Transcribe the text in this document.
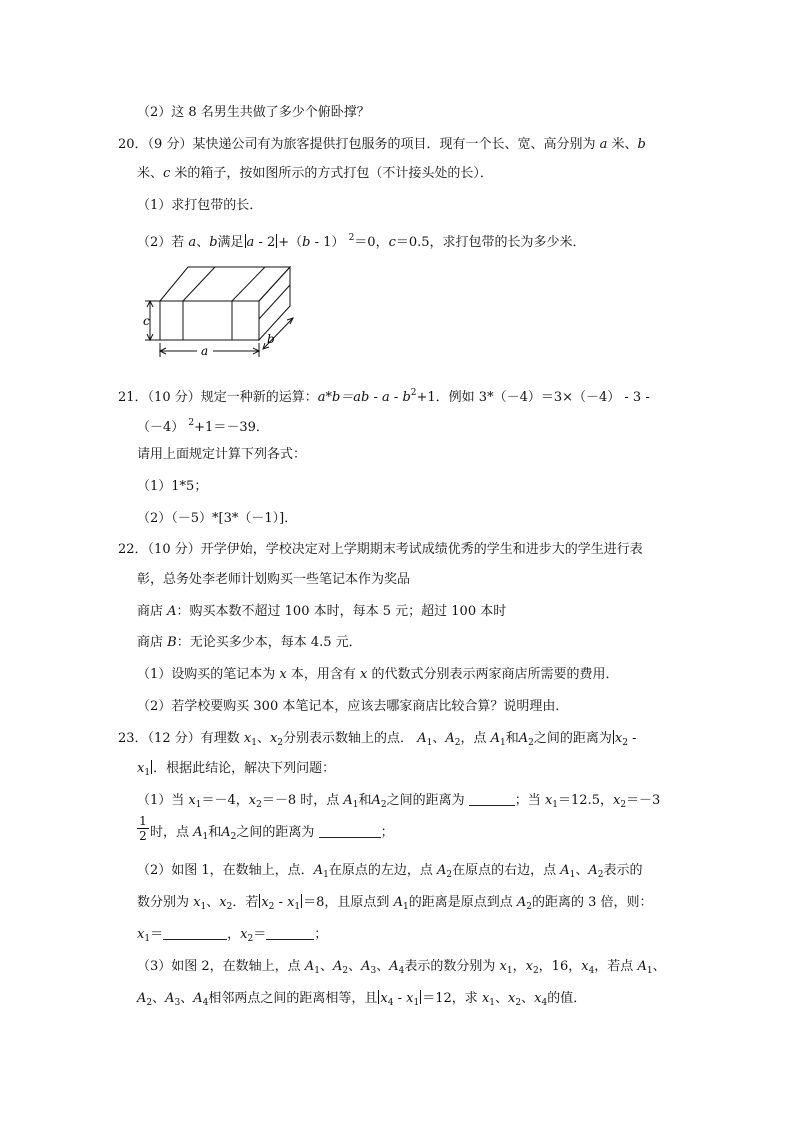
（2）这 8 名男生共做了多少个俯卧撑？
20．（9 分）某快递公司有为旅客提供打包服务的项目．现有一个长、宽、高分别为 a 米、b
米、c 米的箱子，按如图所示的方式打包（不计接头处的长）．
（1）求打包带的长．
（2）若 a、b满足 a - 2 +（b - 1） $^2$＝0，c＝0.5，求打包带的长为多少米．
c
a
b
21．（10 分）规定一种新的运算：$a*b=ab - a - b^2+1$．例如 3*（－4）＝3×（－4） - 3 -
（－4） $^2$+1＝－39．
请用上面规定计算下列各式：
（1）1*5；
（2）（－5）*[3*（－1）]．
22．（10 分）开学伊始，学校决定对上学期期末考试成绩优秀的学生和进步大的学生进行表
彰，总务处李老师计划购买一些笔记本作为奖品
商店 A：购买本数不超过 100 本时，每本 5 元；超过 100 本时
商店 B：无论买多少本，每本 4.5 元．
（1）设购买的笔记本为 x 本，用含有 x 的代数式分别表示两家商店所需要的费用．
（2）若学校要购买 300 本笔记本，应该去哪家商店比较合算？说明理由．
23．（12 分）有理数 $x_1$、$x_2$分别表示数轴上的点． $A_1$、$A_2$，点 $A_1$和$A_2$之间的距离为 $x_2$ -
$x_1$ ．根据此结论，解决下列问题：
（1）当 $x_1=-4$，$x_2=-8$ 时，点 $A_1$和$A_2$之间的距离为	；当 $x_1=12.5$，$x_2=-3$
1
2 时，点 $A_1$和$A_2$之间的距离为	；
（2）如图 1，在数轴上，点．$A_1$在原点的左边，点 $A_2$在原点的右边，点 $A_1$、$A_2$表示的
数分别为 $x_1$、$x_2$．若 $x_2 - x_1 =8$，且原点到 $A_1$的距离是原点到点 $A_2$的距离的 3 倍，则：
$x_1=$	，$x_2=$	；
（3）如图 2，在数轴上，点 $A_1$、$A_2$、$A_3$、$A_4$表示的数分别为 $x_1$，$x_2$，16，$x_4$，若点 $A_1$、
$A_2$、$A_3$、$A_4$相邻两点之间的距离相等，且 $x_4 - x_1 =12$，求 $x_1$、$x_2$、$x_4$的值．
